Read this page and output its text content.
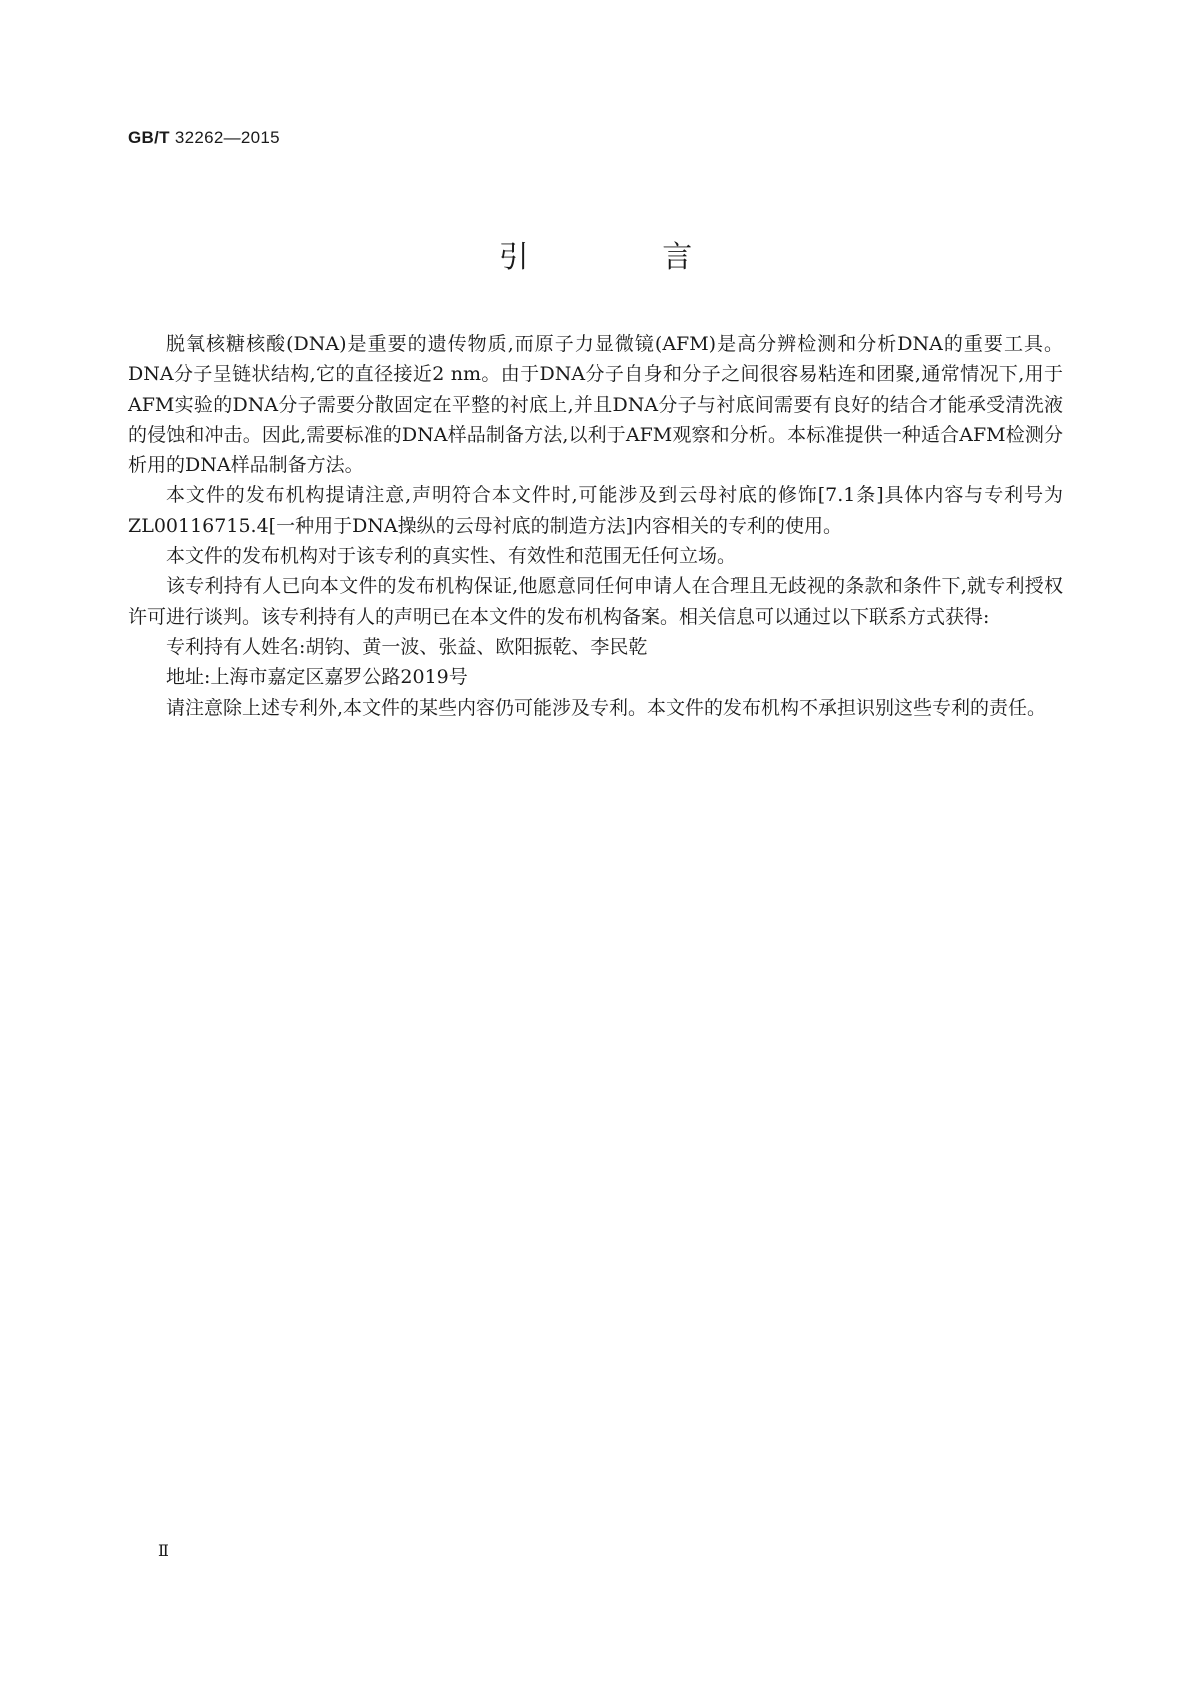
GB/T 32262—2015
引 言

脱氧核糖核酸(DNA)是重要的遗传物质,而原子力显微镜(AFM)是高分辨检测和分析DNA的重要工具。DNA分子呈链状结构,它的直径接近2 nm。由于DNA分子自身和分子之间很容易粘连和团聚,通常情况下,用于AFM实验的DNA分子需要分散固定在平整的衬底上,并且DNA分子与衬底间需要有良好的结合才能承受清洗液的侵蚀和冲击。因此,需要标准的DNA样品制备方法,以利于AFM观察和分析。本标准提供一种适合AFM检测分析用的DNA样品制备方法。

本文件的发布机构提请注意,声明符合本文件时,可能涉及到云母衬底的修饰[7.1条]具体内容与专利号为ZL00116715.4[一种用于DNA操纵的云母衬底的制造方法]内容相关的专利的使用。

本文件的发布机构对于该专利的真实性、有效性和范围无任何立场。

该专利持有人已向本文件的发布机构保证,他愿意同任何申请人在合理且无歧视的条款和条件下,就专利授权许可进行谈判。该专利持有人的声明已在本文件的发布机构备案。相关信息可以通过以下联系方式获得:

专利持有人姓名:胡钧、黄一波、张益、欧阳振乾、李民乾

地址:上海市嘉定区嘉罗公路2019号

请注意除上述专利外,本文件的某些内容仍可能涉及专利。本文件的发布机构不承担识别这些专利的责任。

Ⅱ
